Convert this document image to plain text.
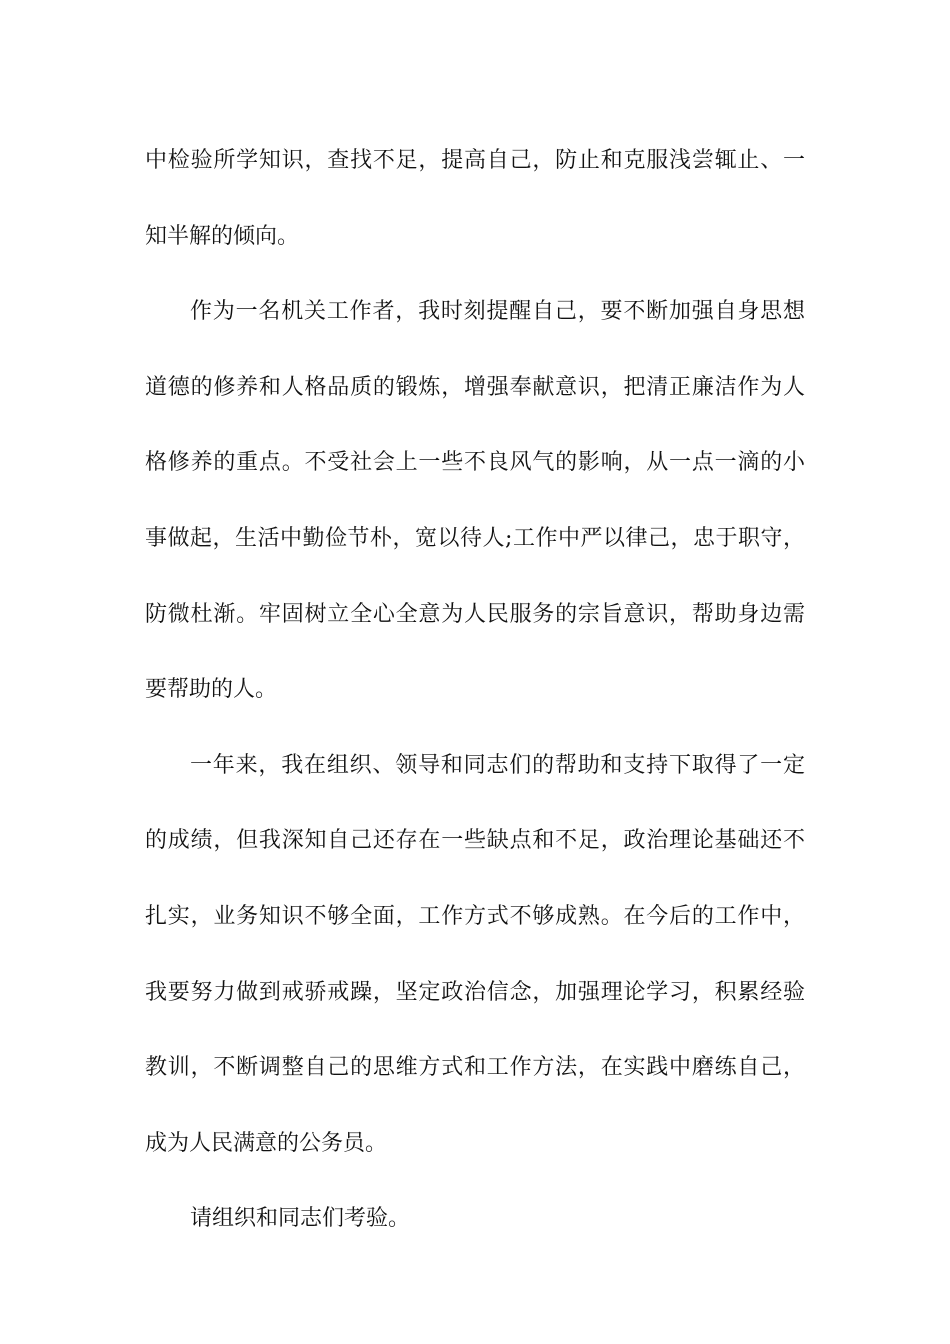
中检验所学知识，查找不足，提高自己，防止和克服浅尝辄止、一
知半解的倾向。
作为一名机关工作者，我时刻提醒自己，要不断加强自身思想
道德的修养和人格品质的锻炼，增强奉献意识，把清正廉洁作为人
格修养的重点。不受社会上一些不良风气的影响，从一点一滴的小
事做起，生活中勤俭节朴，宽以待人;工作中严以律己，忠于职守，
防微杜渐。牢固树立全心全意为人民服务的宗旨意识，帮助身边需
要帮助的人。
一年来，我在组织、领导和同志们的帮助和支持下取得了一定
的成绩，但我深知自己还存在一些缺点和不足，政治理论基础还不
扎实，业务知识不够全面，工作方式不够成熟。在今后的工作中，
我要努力做到戒骄戒躁，坚定政治信念，加强理论学习，积累经验
教训，不断调整自己的思维方式和工作方法，在实践中磨练自己，
成为人民满意的公务员。
请组织和同志们考验。
